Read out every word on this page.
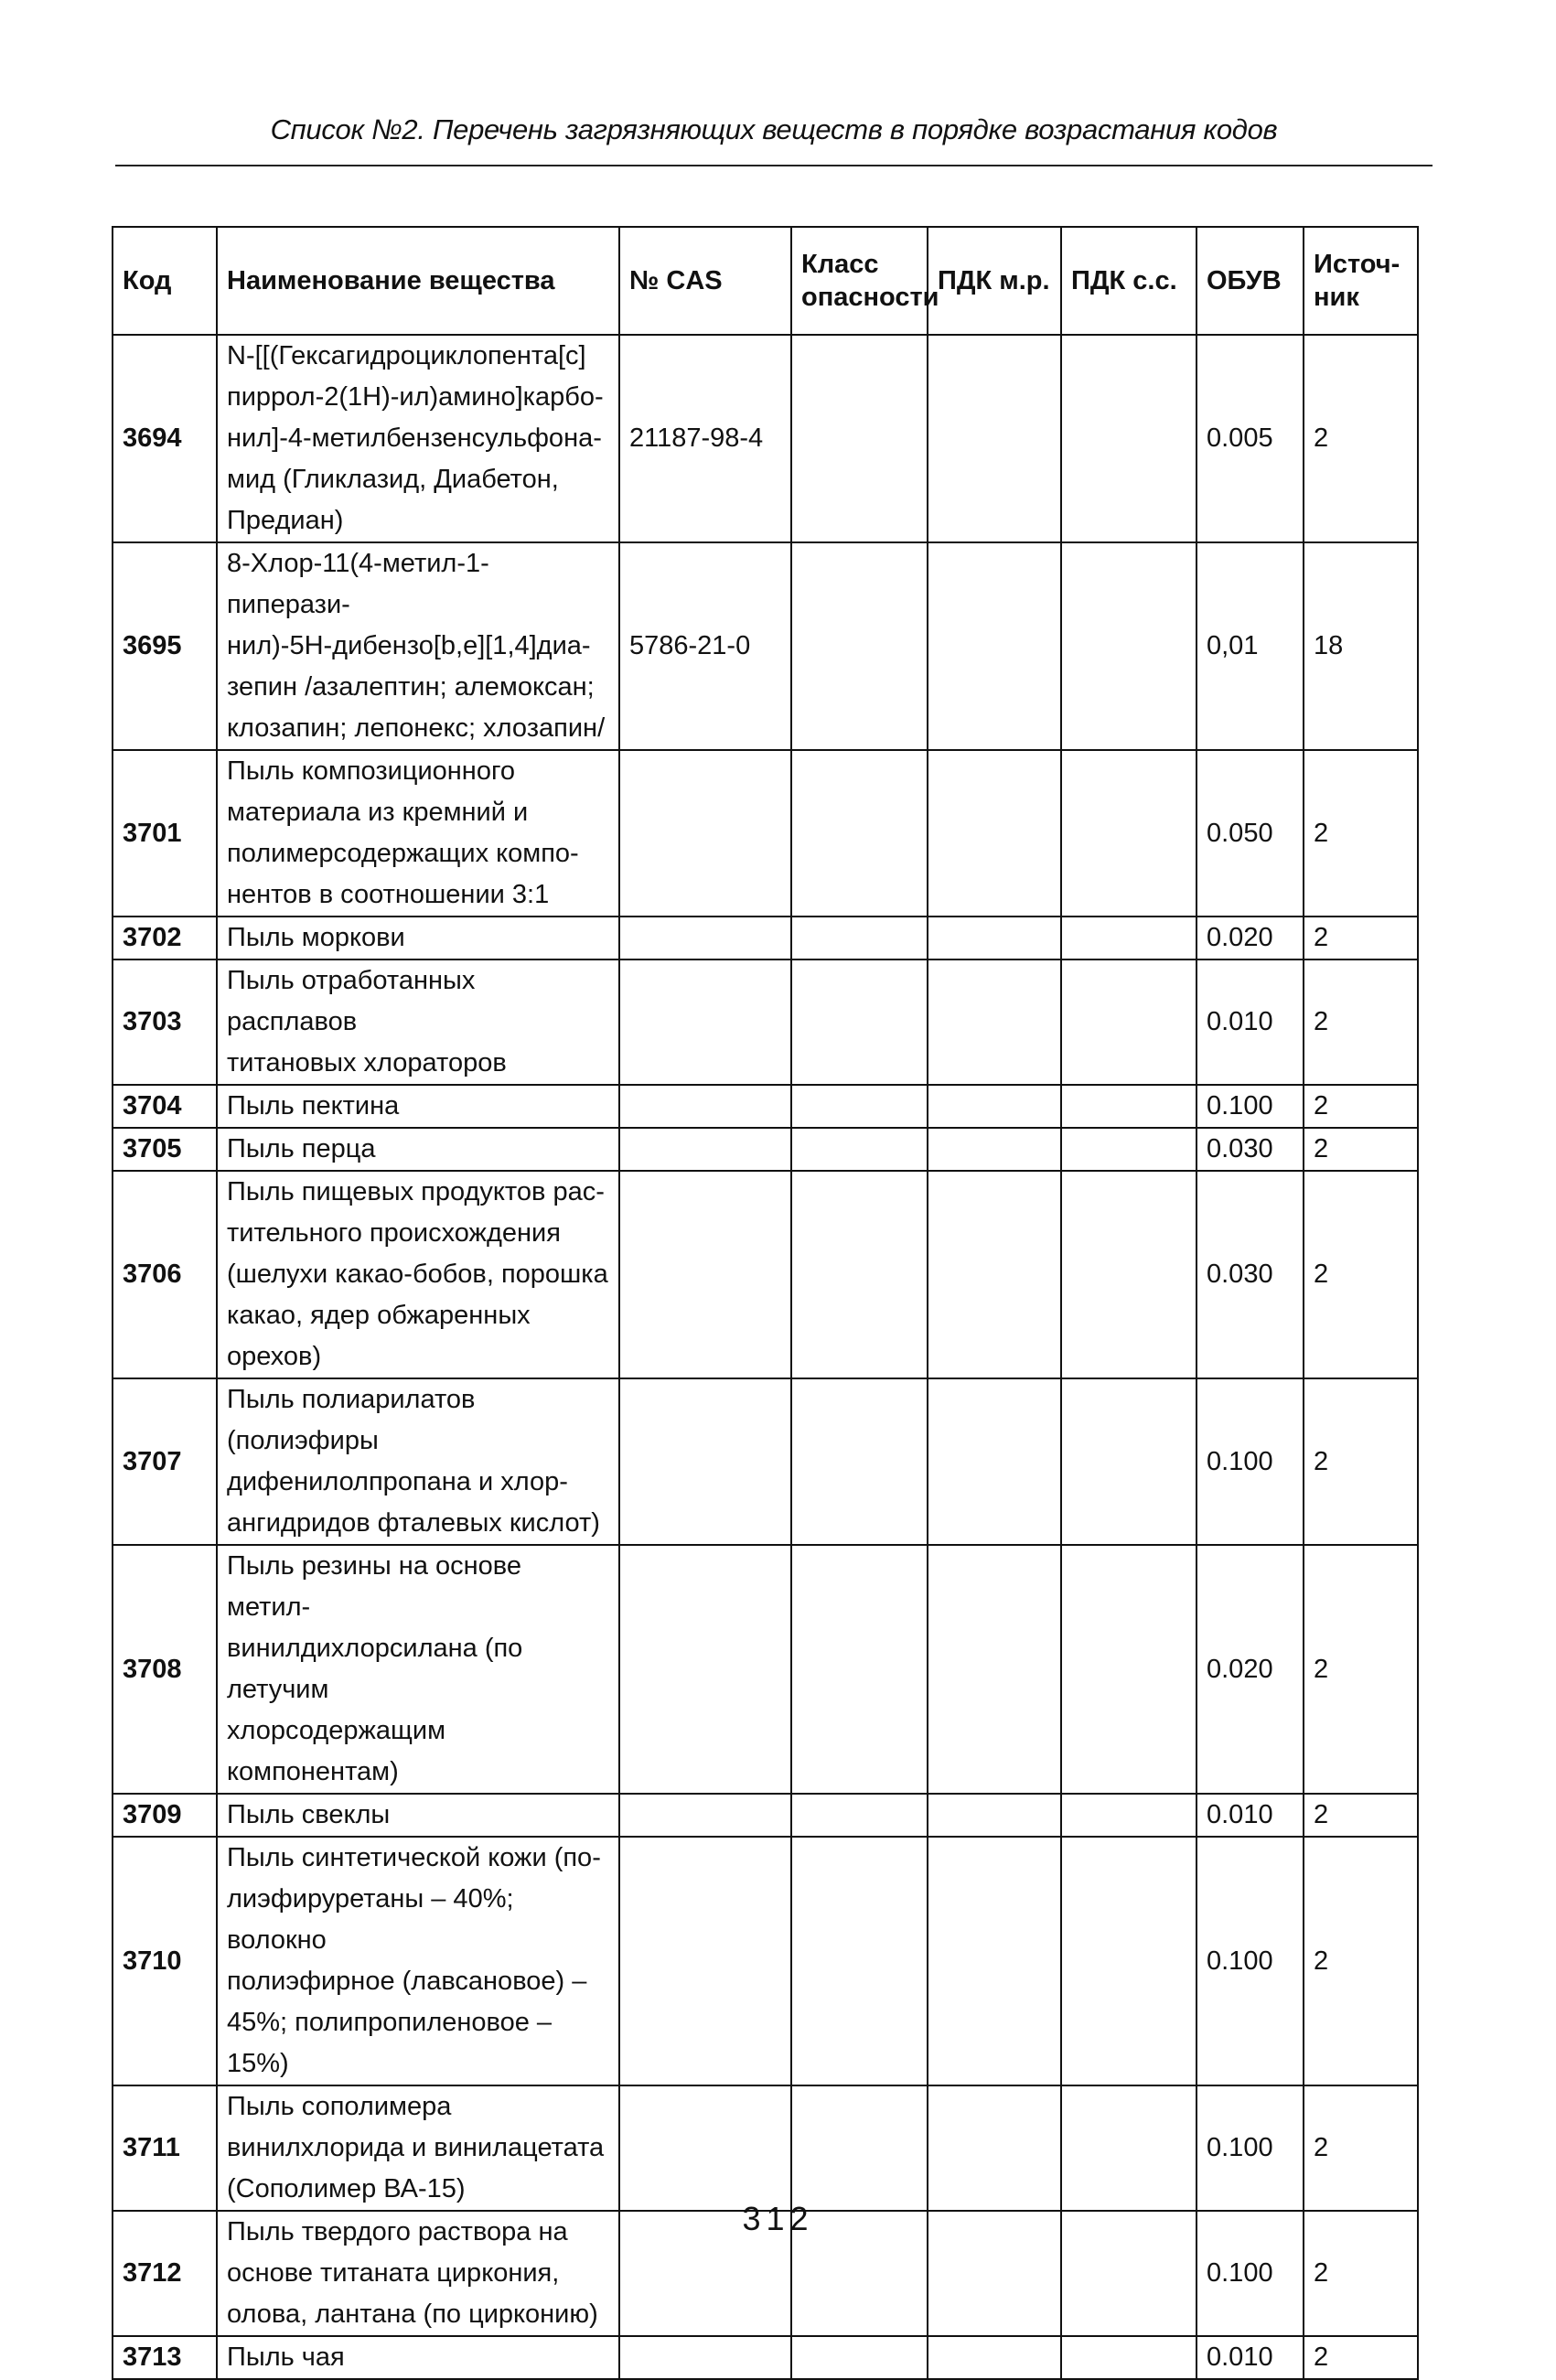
Список №2. Перечень загрязняющих веществ в порядке возрастания кодов
Код	Наименование вещества	№ CAS	Класс опасности	ПДК м.р.	ПДК с.с.	ОБУВ	Источ-ник
3694	N-[[(Гексагидроциклопента[с]
пиррол-2(1Н)-ил)амино]карбо-
нил]-4-метилбензенсульфона-
мид (Гликлазид, Диабетон,
Предиан)	21187-98-4				0.005	2
3695	8-Хлор-11(4-метил-1-пиперази-
нил)-5Н-дибензо[b,e][1,4]диа-
зепин /азалептин; алемоксан;
клозапин; лепонекс; хлозапин/	5786-21-0				0,01	18
3701	Пыль композиционного
материала из кремний и
полимерсодержащих компо-
нентов в соотношении 3:1					0.050	2
3702	Пыль моркови					0.020	2
3703	Пыль отработанных расплавов
титановых хлораторов					0.010	2
3704	Пыль пектина					0.100	2
3705	Пыль перца					0.030	2
3706	Пыль пищевых продуктов рас-
тительного происхождения
(шелухи какао-бобов, порошка
какао, ядер обжаренных орехов)					0.030	2
3707	Пыль полиарилатов (полиэфиры
дифенилолпропана и хлор-
ангидридов фталевых кислот)					0.100	2
3708	Пыль резины на основе метил-
винилдихлорсилана (по летучим
хлорсодержащим компонентам)					0.020	2
3709	Пыль свеклы					0.010	2
3710	Пыль синтетической кожи (по-
лиэфируретаны – 40%; волокно
полиэфирное (лавсановое) –
45%; полипропиленовое – 15%)					0.100	2
3711	Пыль сополимера
винилхлорида и винилацетата
(Сополимер ВА-15)					0.100	2
3712	Пыль твердого раствора на
основе титаната циркония,
олова, лантана (по цирконию)					0.100	2
3713	Пыль чая					0.010	2
312
